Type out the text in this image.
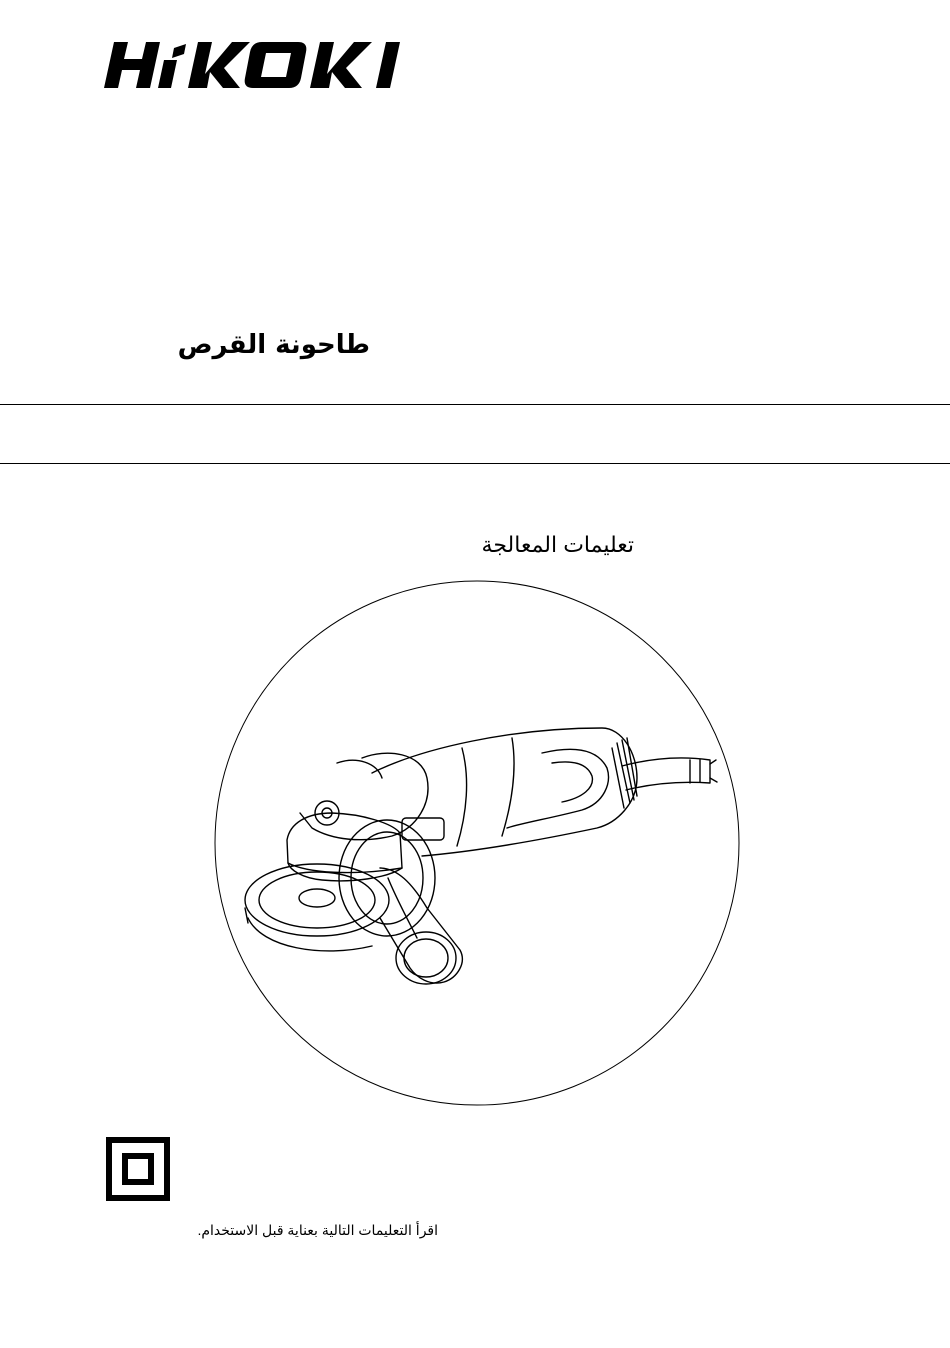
طاحونة القرص
تعليمات المعالجة
اقرأ التعليمات التالية بعناية قبل الاستخدام.
